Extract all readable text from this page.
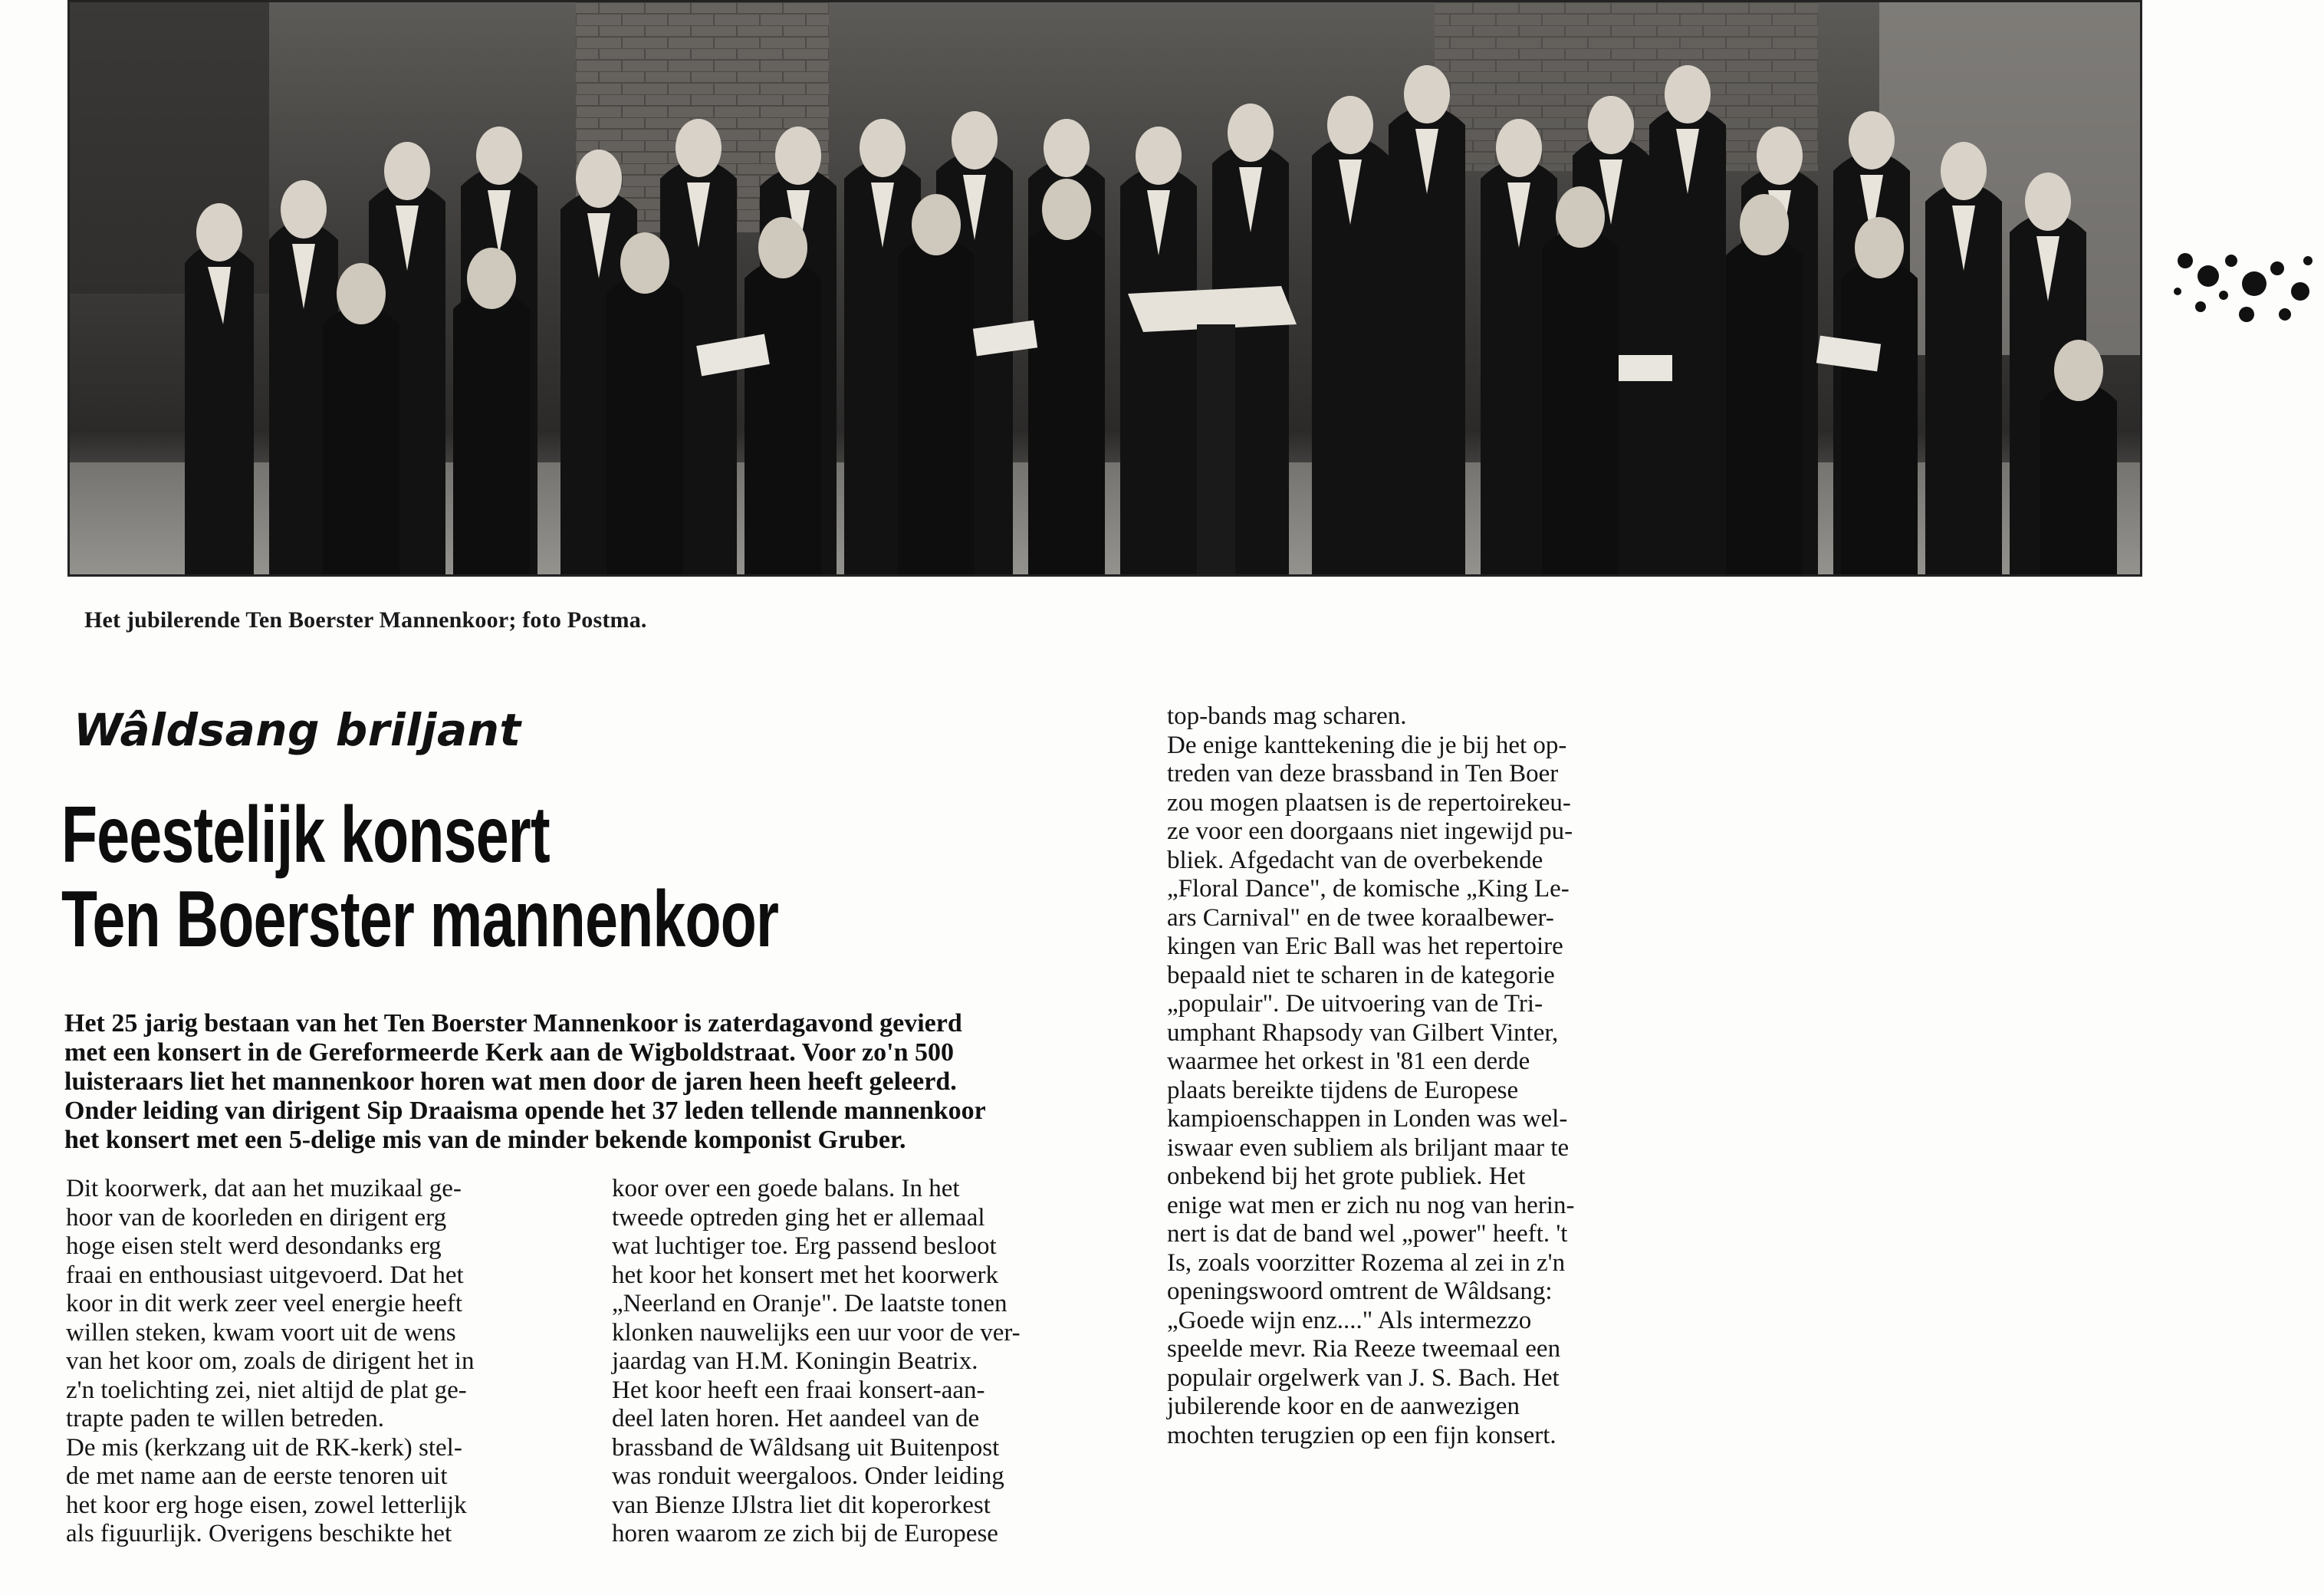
Het jubilerende Ten Boerster Mannenkoor; foto Postma.
Wâldsang briljant
Feestelijk konsert
Ten Boerster mannenkoor
Het 25 jarig bestaan van het Ten Boerster Mannenkoor is zaterdagavond gevierd
met een konsert in de Gereformeerde Kerk aan de Wigboldstraat. Voor zo'n 500
luisteraars liet het mannenkoor horen wat men door de jaren heen heeft geleerd.
Onder leiding van dirigent Sip Draaisma opende het 37 leden tellende mannenkoor
het konsert met een 5-delige mis van de minder bekende komponist Gruber.
Dit koorwerk, dat aan het muzikaal ge-
hoor van de koorleden en dirigent erg
hoge eisen stelt werd desondanks erg
fraai en enthousiast uitgevoerd. Dat het
koor in dit werk zeer veel energie heeft
willen steken, kwam voort uit de wens
van het koor om, zoals de dirigent het in
z'n toelichting zei, niet altijd de plat ge-
trapte paden te willen betreden.
De mis (kerkzang uit de RK-kerk) stel-
de met name aan de eerste tenoren uit
het koor erg hoge eisen, zowel letterlijk
als figuurlijk. Overigens beschikte het
koor over een goede balans. In het
tweede optreden ging het er allemaal
wat luchtiger toe. Erg passend besloot
het koor het konsert met het koorwerk
„Neerland en Oranje". De laatste tonen
klonken nauwelijks een uur voor de ver-
jaardag van H.M. Koningin Beatrix.
Het koor heeft een fraai konsert-aan-
deel laten horen. Het aandeel van de
brassband de Wâldsang uit Buitenpost
was ronduit weergaloos. Onder leiding
van Bienze IJlstra liet dit koperorkest
horen waarom ze zich bij de Europese
top-bands mag scharen.
De enige kanttekening die je bij het op-
treden van deze brassband in Ten Boer
zou mogen plaatsen is de repertoirekeu-
ze voor een doorgaans niet ingewijd pu-
bliek. Afgedacht van de overbekende
„Floral Dance", de komische „King Le-
ars Carnival" en de twee koraalbewer-
kingen van Eric Ball was het repertoire
bepaald niet te scharen in de kategorie
„populair". De uitvoering van de Tri-
umphant Rhapsody van Gilbert Vinter,
waarmee het orkest in '81 een derde
plaats bereikte tijdens de Europese
kampioenschappen in Londen was wel-
iswaar even subliem als briljant maar te
onbekend bij het grote publiek. Het
enige wat men er zich nu nog van herin-
nert is dat de band wel „power" heeft. 't
Is, zoals voorzitter Rozema al zei in z'n
openingswoord omtrent de Wâldsang:
„Goede wijn enz...." Als intermezzo
speelde mevr. Ria Reeze tweemaal een
populair orgelwerk van J. S. Bach. Het
jubilerende koor en de aanwezigen
mochten terugzien op een fijn konsert.
